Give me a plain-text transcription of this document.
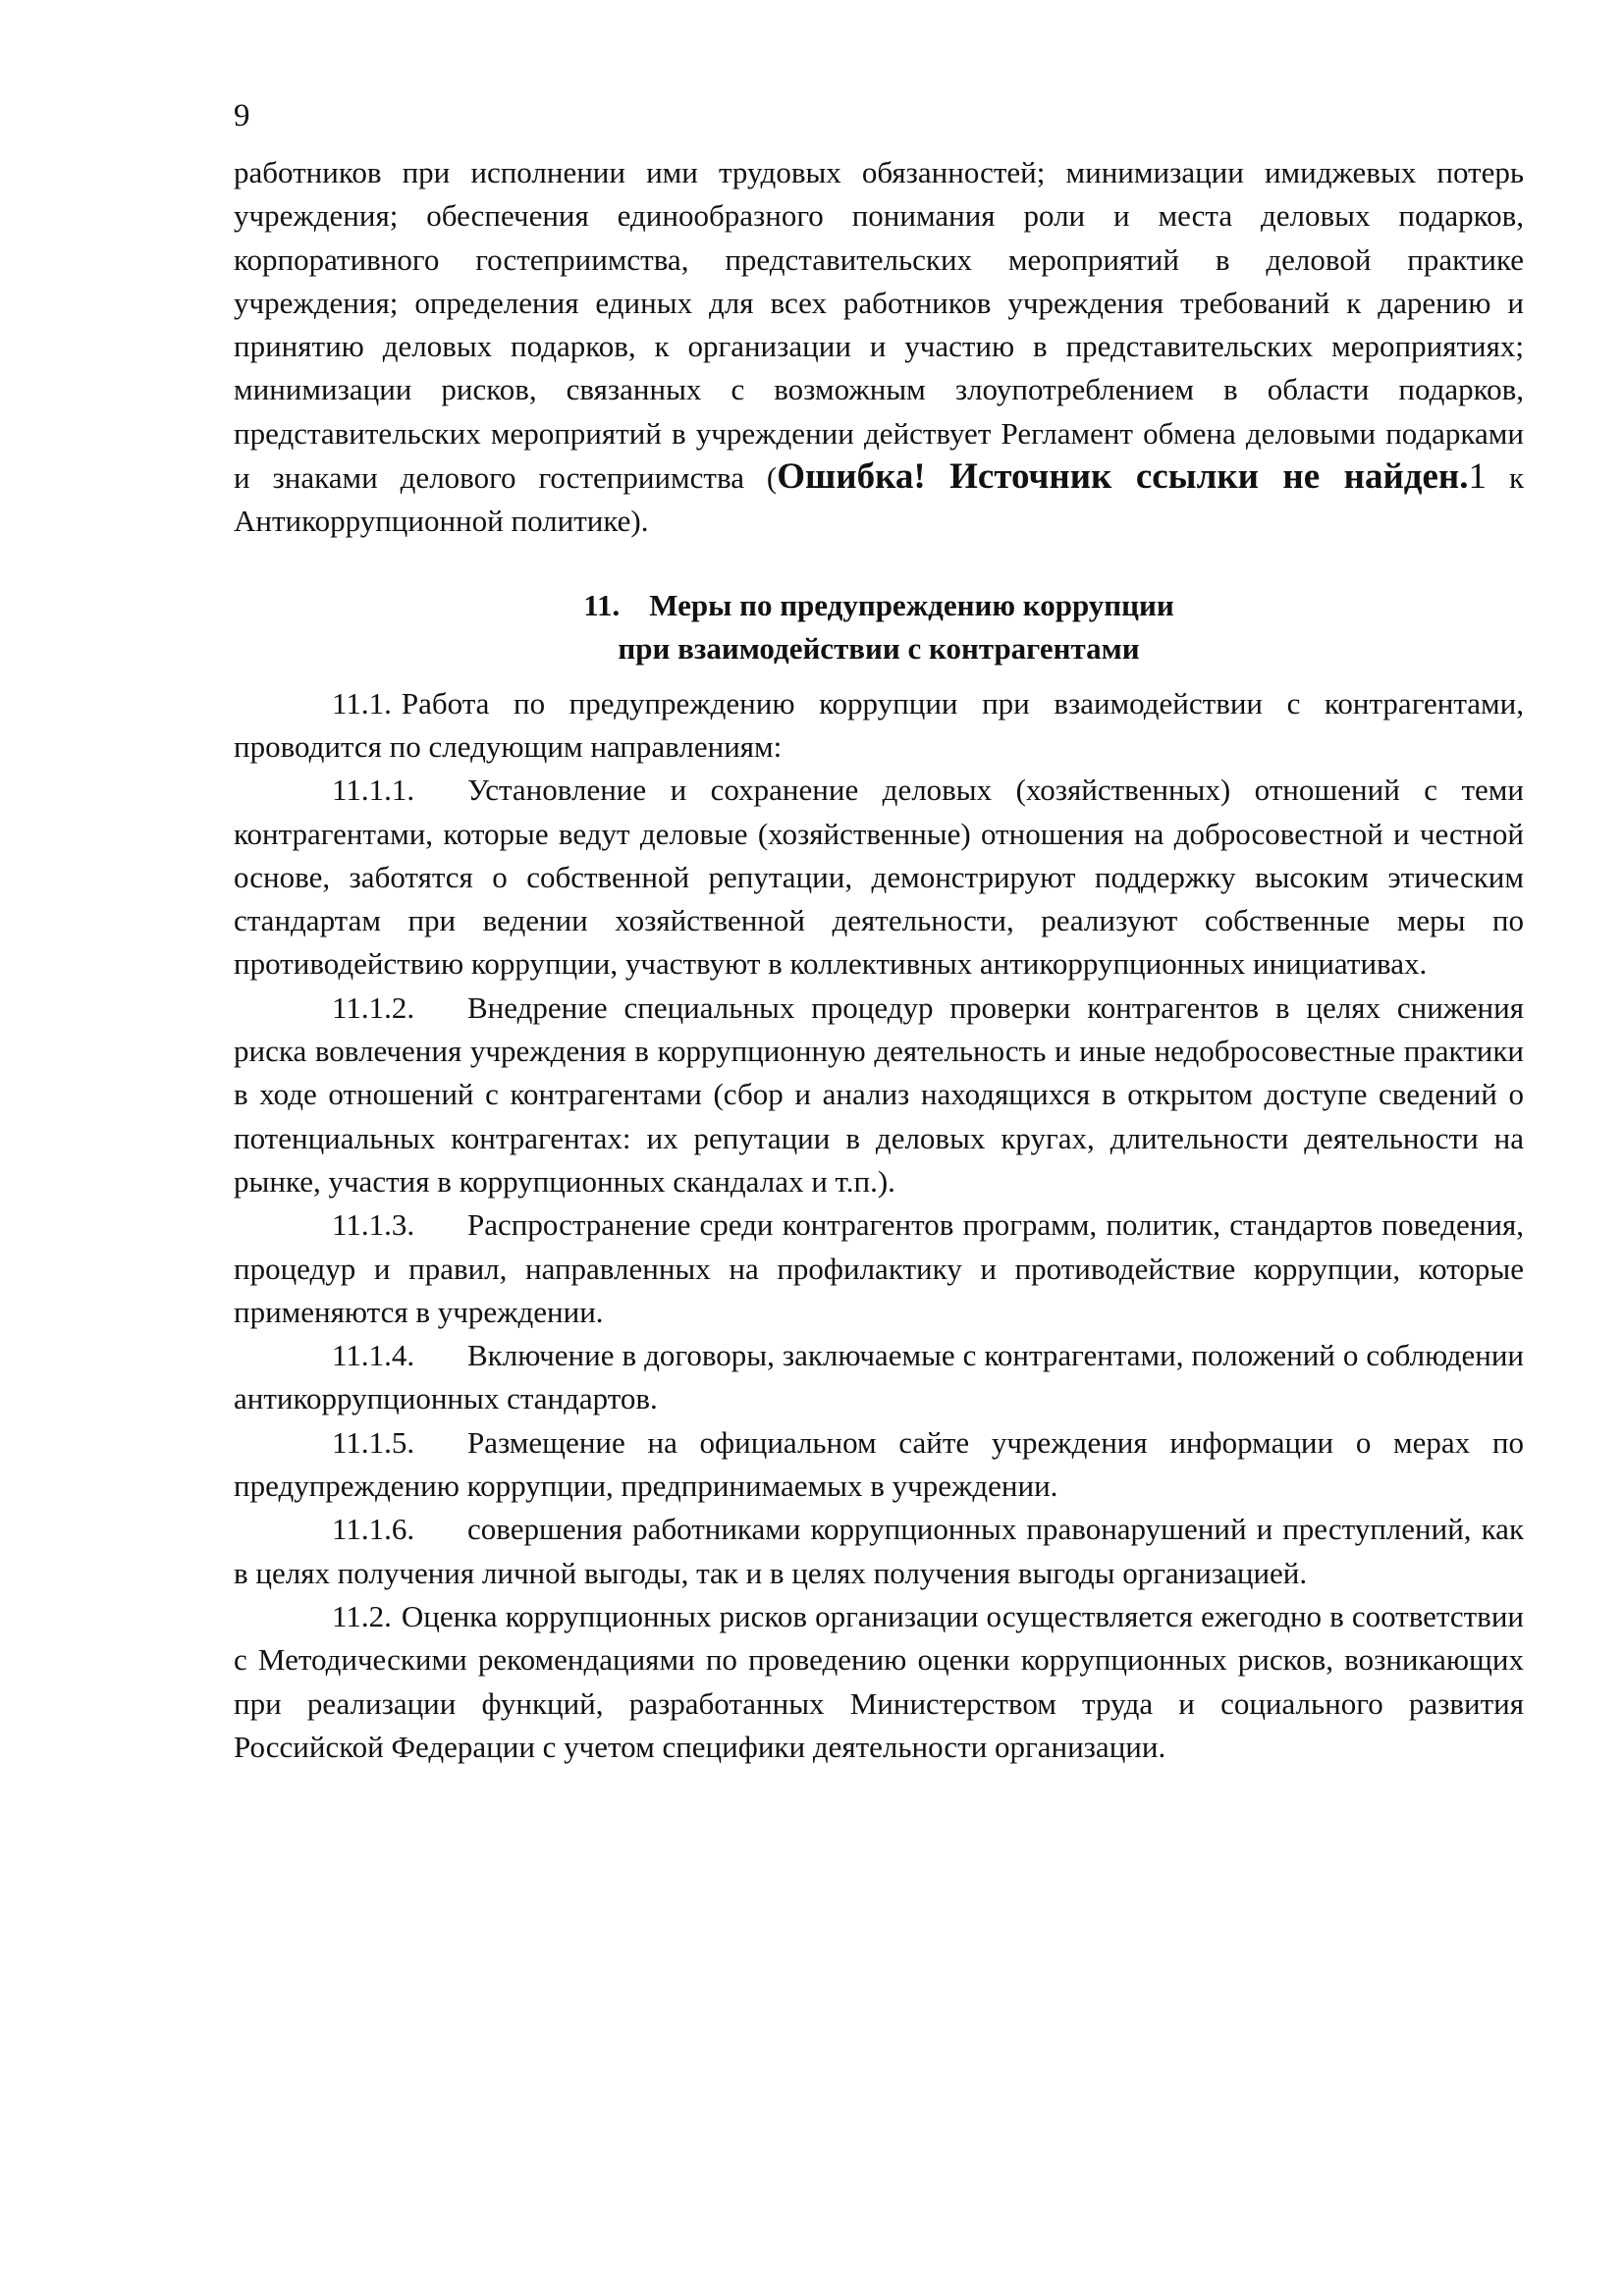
9

работников при исполнении ими трудовых обязанностей; минимизации имиджевых потерь учреждения; обеспечения единообразного понимания роли и места деловых подарков, корпоративного гостеприимства, представительских мероприятий в деловой практике учреждения; определения единых для всех работников учреждения требований к дарению и принятию деловых подарков, к организации и участию в представительских мероприятиях; минимизации рисков, связанных с возможным злоупотреблением в области подарков, представительских мероприятий в учреждении действует Регламент обмена деловыми подарками и знаками делового гостеприимства (Ошибка! Источник ссылки не найден.1 к Антикоррупционной политике).

11. Меры по предупреждению коррупции
при взаимодействии с контрагентами

11.1. Работа по предупреждению коррупции при взаимодействии с контрагентами, проводится по следующим направлениям:

11.1.1. Установление и сохранение деловых (хозяйственных) отношений с теми контрагентами, которые ведут деловые (хозяйственные) отношения на добросовестной и честной основе, заботятся о собственной репутации, демонстрируют поддержку высоким этическим стандартам при ведении хозяйственной деятельности, реализуют собственные меры по противодействию коррупции, участвуют в коллективных антикоррупционных инициативах.

11.1.2. Внедрение специальных процедур проверки контрагентов в целях снижения риска вовлечения учреждения в коррупционную деятельность и иные недобросовестные практики в ходе отношений с контрагентами (сбор и анализ находящихся в открытом доступе сведений о потенциальных контрагентах: их репутации в деловых кругах, длительности деятельности на рынке, участия в коррупционных скандалах и т.п.).

11.1.3. Распространение среди контрагентов программ, политик, стандартов поведения, процедур и правил, направленных на профилактику и противодействие коррупции, которые применяются в учреждении.

11.1.4. Включение в договоры, заключаемые с контрагентами, положений о соблюдении антикоррупционных стандартов.

11.1.5. Размещение на официальном сайте учреждения информации о мерах по предупреждению коррупции, предпринимаемых в учреждении.

11.1.6. совершения работниками коррупционных правонарушений и преступлений, как в целях получения личной выгоды, так и в целях получения выгоды организацией.

11.2. Оценка коррупционных рисков организации осуществляется ежегодно в соответствии с Методическими рекомендациями по проведению оценки коррупционных рисков, возникающих при реализации функций, разработанных Министерством труда и социального развития Российской Федерации с учетом специфики деятельности организации.
